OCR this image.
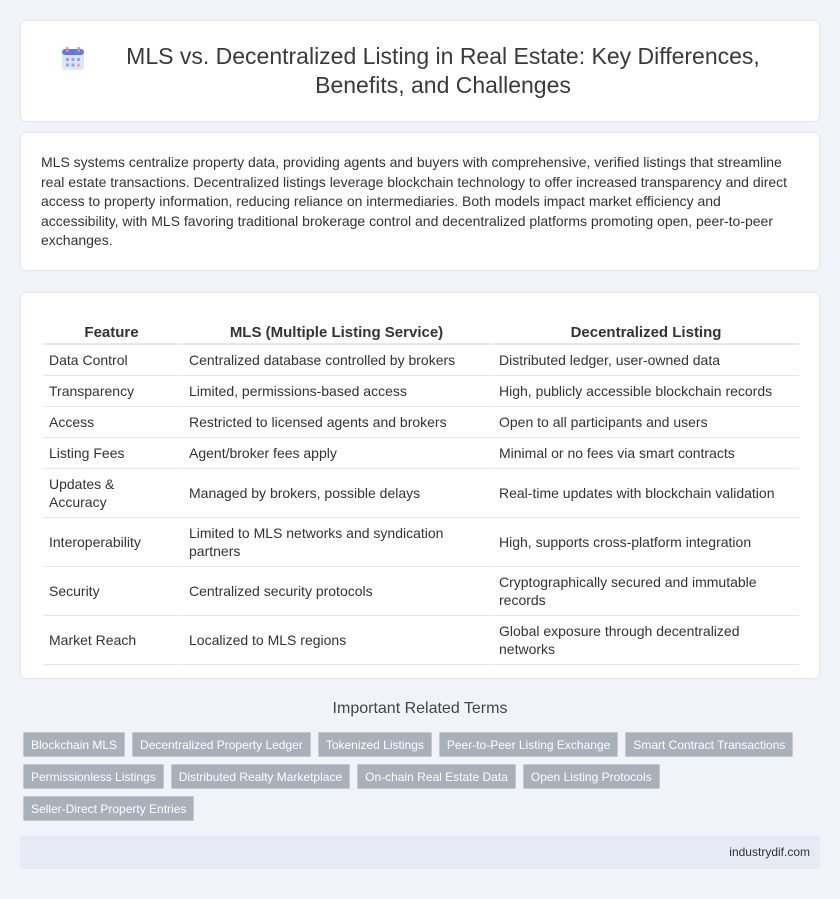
MLS vs. Decentralized Listing in Real Estate: Key Differences, Benefits, and Challenges

MLS systems centralize property data, providing agents and buyers with comprehensive, verified listings that streamline real estate transactions. Decentralized listings leverage blockchain technology to offer increased transparency and direct access to property information, reducing reliance on intermediaries. Both models impact market efficiency and accessibility, with MLS favoring traditional brokerage control and decentralized platforms promoting open, peer-to-peer exchanges.

Feature	MLS (Multiple Listing Service)	Decentralized Listing
Data Control	Centralized database controlled by brokers	Distributed ledger, user-owned data
Transparency	Limited, permissions-based access	High, publicly accessible blockchain records
Access	Restricted to licensed agents and brokers	Open to all participants and users
Listing Fees	Agent/broker fees apply	Minimal or no fees via smart contracts
Updates & Accuracy	Managed by brokers, possible delays	Real-time updates with blockchain validation
Interoperability	Limited to MLS networks and syndication partners	High, supports cross-platform integration
Security	Centralized security protocols	Cryptographically secured and immutable records
Market Reach	Localized to MLS regions	Global exposure through decentralized networks
Important Related Terms
Blockchain MLS	Decentralized Property Ledger	Tokenized Listings	Peer-to-Peer Listing Exchange	Smart Contract Transactions
Permissionless Listings	Distributed Realty Marketplace	On-chain Real Estate Data	Open Listing Protocols
Seller-Direct Property Entries
industrydif.com
